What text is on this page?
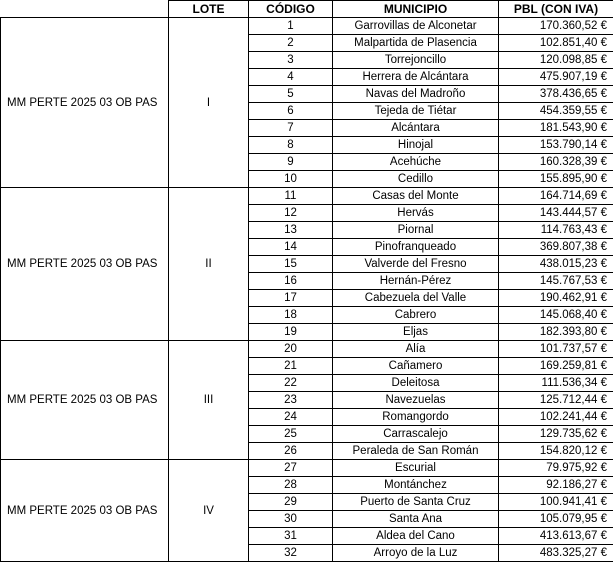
	LOTE	CÓDIGO	MUNICIPIO	PBL (CON IVA)
MM PERTE 2025 03 OB PAS	I	1	Garrovillas de Alconetar	170.360,52 €
		2	Malpartida de Plasencia	102.851,40 €
		3	Torrejoncillo	120.098,85 €
		4	Herrera de Alcántara	475.907,19 €
		5	Navas del Madroño	378.436,65 €
		6	Tejeda de Tiétar	454.359,55 €
		7	Alcántara	181.543,90 €
		8	Hinojal	153.790,14 €
		9	Acehúche	160.328,39 €
		10	Cedillo	155.895,90 €
MM PERTE 2025 03 OB PAS	II	11	Casas del Monte	164.714,69 €
		12	Hervás	143.444,57 €
		13	Piornal	114.763,43 €
		14	Pinofranqueado	369.807,38 €
		15	Valverde del Fresno	438.015,23 €
		16	Hernán-Pérez	145.767,53 €
		17	Cabezuela del Valle	190.462,91 €
		18	Cabrero	145.068,40 €
		19	Eljas	182.393,80 €
MM PERTE 2025 03 OB PAS	III	20	Alía	101.737,57 €
		21	Cañamero	169.259,81 €
		22	Deleitosa	111.536,34 €
		23	Navezuelas	125.712,44 €
		24	Romangordo	102.241,44 €
		25	Carrascalejo	129.735,62 €
		26	Peraleda de San Román	154.820,12 €
MM PERTE 2025 03 OB PAS	IV	27	Escurial	79.975,92 €
		28	Montánchez	92.186,27 €
		29	Puerto de Santa Cruz	100.941,41 €
		30	Santa Ana	105.079,95 €
		31	Aldea del Cano	413.613,67 €
		32	Arroyo de la Luz	483.325,27 €
